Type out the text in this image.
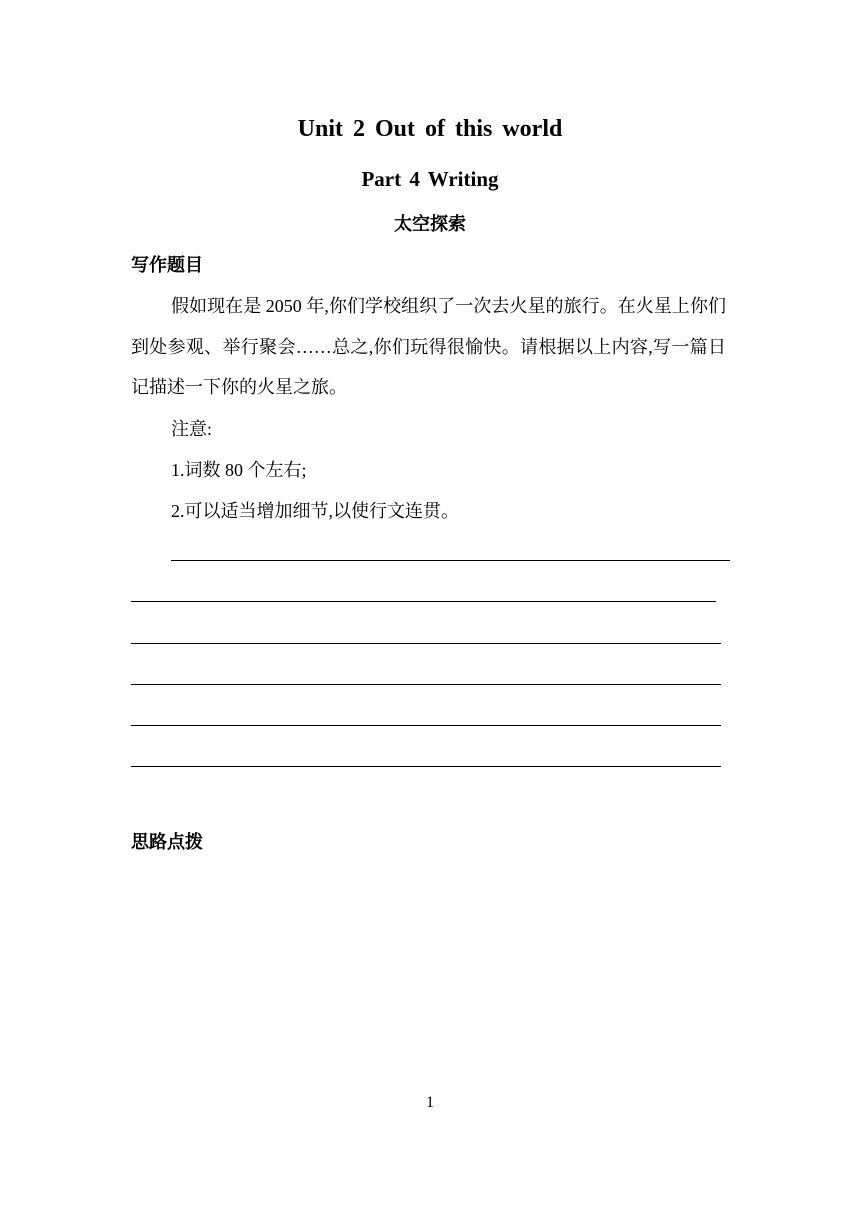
Unit 2 Out of this world
Part 4 Writing
太空探索
写作题目
假如现在是 2050 年,你们学校组织了一次去火星的旅行。在火星上你们到处参观、举行聚会……总之,你们玩得很愉快。请根据以上内容,写一篇日记描述一下你的火星之旅。
注意:
1.词数 80 个左右;
2.可以适当增加细节,以使行文连贯。
思路点拨
1
